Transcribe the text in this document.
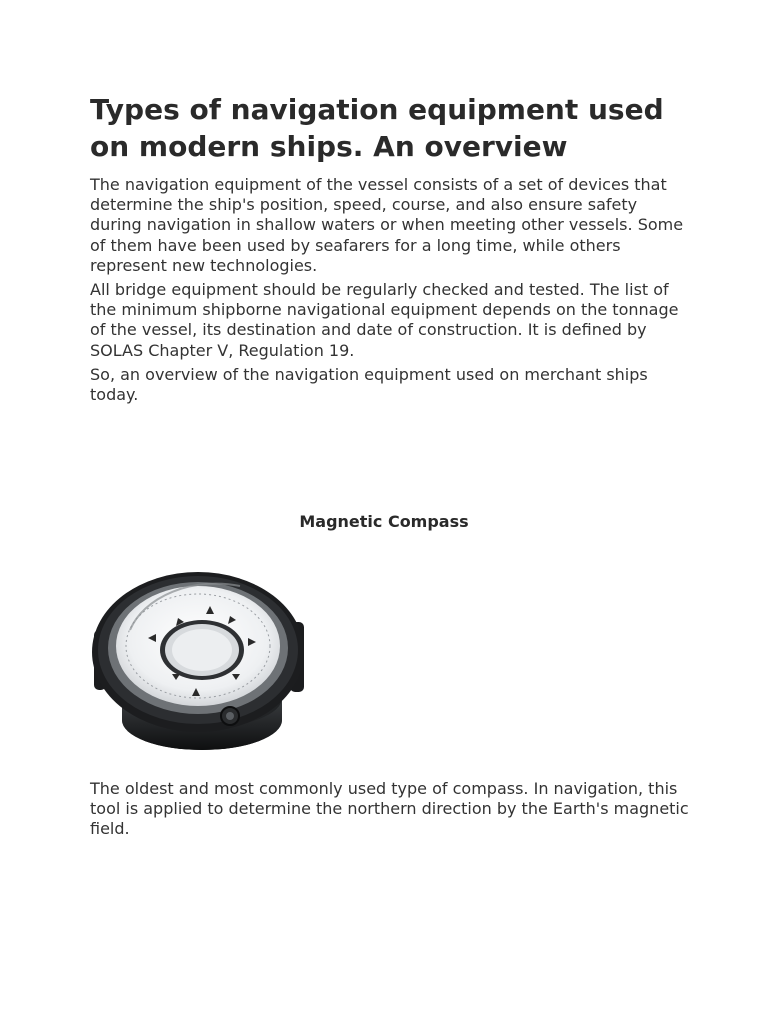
Types of navigation equipment used on modern ships. An overview

The navigation equipment of the vessel consists of a set of devices that determine the ship's position, speed, course, and also ensure safety during navigation in shallow waters or when meeting other vessels. Some of them have been used by seafarers for a long time, while others represent new technologies.

All bridge equipment should be regularly checked and tested. The list of the minimum shipborne navigational equipment depends on the tonnage of the vessel, its destination and date of construction. It is defined by SOLAS Chapter V, Regulation 19.

So, an overview of the navigation equipment used on merchant ships today.

Magnetic Compass

The oldest and most commonly used type of compass. In navigation, this tool is applied to determine the northern direction by the Earth's magnetic field.
